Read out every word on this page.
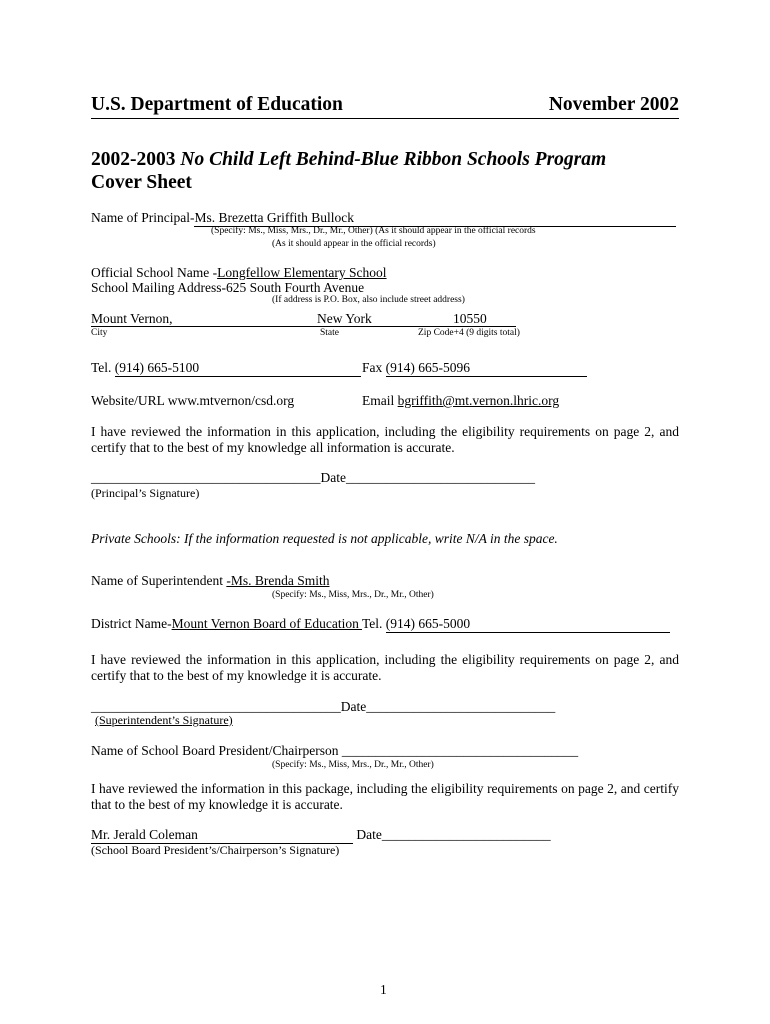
U.S. Department of Education	November 2002
2002-2003 No Child Left Behind-Blue Ribbon Schools Program
Cover Sheet
Name of Principal-Ms. Brezetta Griffith Bullock
(Specify: Ms., Miss, Mrs., Dr., Mr., Other) (As it should appear in the official records
(As it should appear in the official records)
Official School Name -Longfellow Elementary School
School Mailing Address-625 South Fourth Avenue
(If address is P.O. Box, also include street address)
Mount Vernon,	New York	10550
City	State	Zip Code+4 (9 digits total)
Tel. (914) 665-5100	Fax (914) 665-5096
Website/URL www.mtvernon/csd.org	Email bgriffith@mt.vernon.lhric.org
I have reviewed the information in this application, including the eligibility requirements on page 2, and certify that to the best of my knowledge all information is accurate.
__________________________________Date____________________________
(Principal’s Signature)
Private Schools: If the information requested is not applicable, write N/A in the space.
Name of Superintendent -Ms. Brenda Smith
(Specify: Ms., Miss, Mrs., Dr., Mr., Other)
District Name-Mount Vernon Board of Education Tel. (914) 665-5000
I have reviewed the information in this application, including the eligibility requirements on page 2, and certify that to the best of my knowledge it is accurate.
_____________________________________Date____________________________
(Superintendent’s Signature)
Name of School Board President/Chairperson ___________________________________
(Specify: Ms., Miss, Mrs., Dr., Mr., Other)
I have reviewed the information in this package, including the eligibility requirements on page 2, and certify that to the best of my knowledge it is accurate.
Mr. Jerald Coleman	Date_________________________
(School Board President’s/Chairperson’s Signature)
1
